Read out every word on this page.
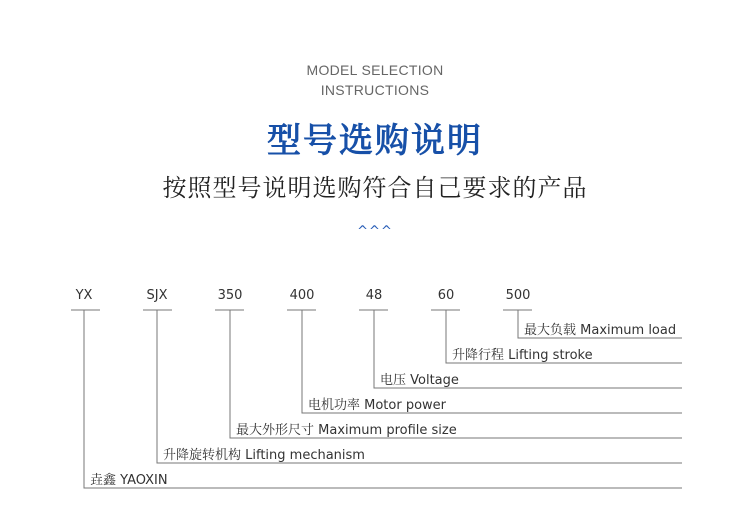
MODEL SELECTION
INSTRUCTIONS
型号选购说明
按照型号说明选购符合自己要求的产品
^^^
YX	SJX	350	400	48	60	500
最大负载 Maximum load
升降行程 Lifting stroke
电压 Voltage
电机功率 Motor power
最大外形尺寸 Maximum profile size
升降旋转机构 Lifting mechanism
垚鑫 YAOXIN
